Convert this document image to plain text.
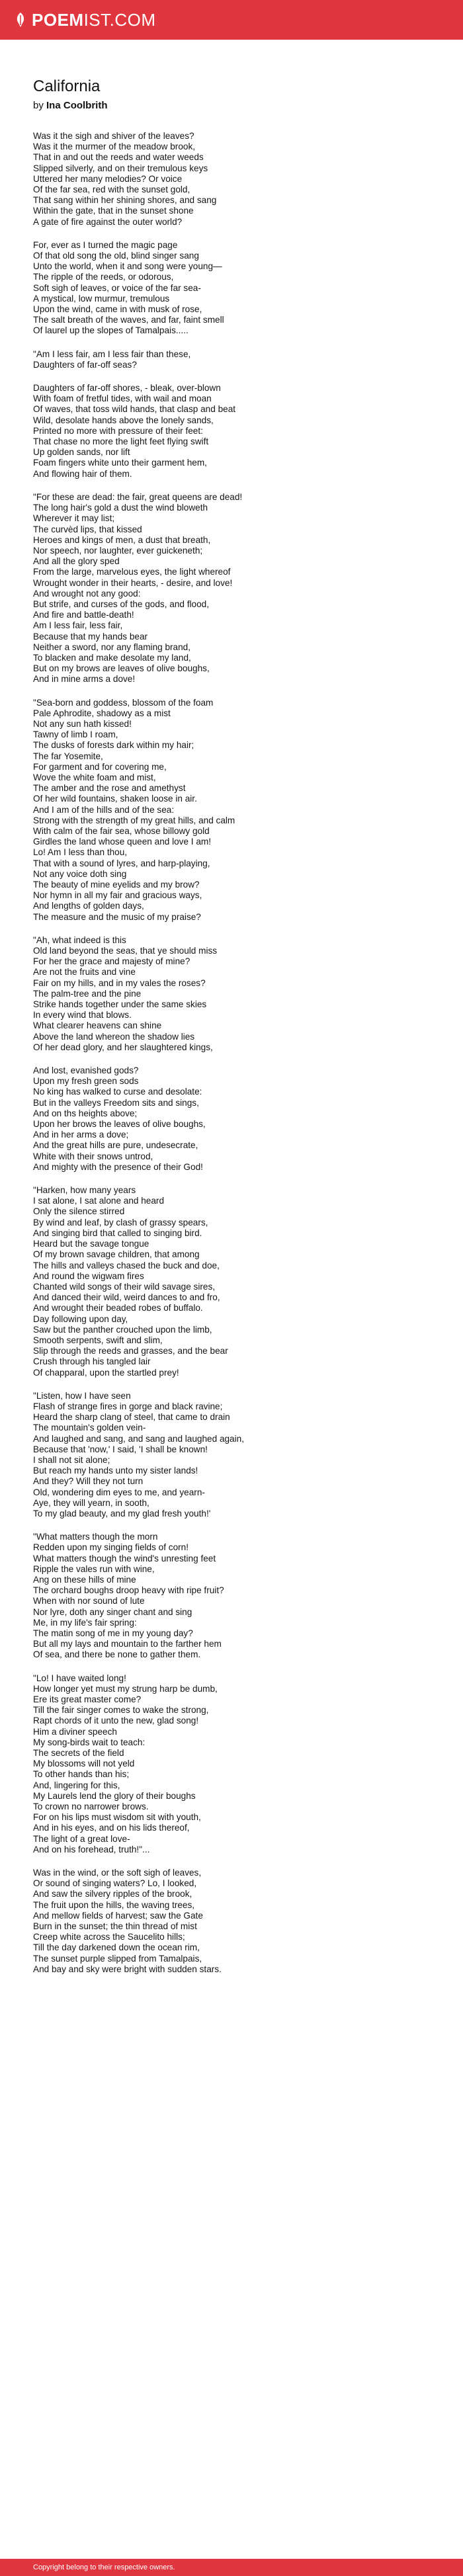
POEMIST.COM
California
by Ina Coolbrith
Was it the sigh and shiver of the leaves?
Was it the murmer of the meadow brook,
That in and out the reeds and water weeds
Slipped silverly, and on their tremulous keys
Uttered her many melodies? Or voice
Of the far sea, red with the sunset gold,
That sang within her shining shores, and sang
Within the gate, that in the sunset shone
A gate of fire against the outer world?
For, ever as I turned the magic page
Of that old song the old, blind singer sang
Unto the world, when it and song were young—
The ripple of the reeds, or odorous,
Soft sigh of leaves, or voice of the far sea-
A mystical, low murmur, tremulous
Upon the wind, came in with musk of rose,
The salt breath of the waves, and far, faint smell
Of laurel up the slopes of Tamalpais.....
"Am I less fair, am I less fair than these,
Daughters of far-off seas?
Daughters of far-off shores, - bleak, over-blown
With foam of fretful tides, with wail and moan
Of waves, that toss wild hands, that clasp and beat
Wild, desolate hands above the lonely sands,
Printed no more with pressure of their feet:
That chase no more the light feet flying swift
Up golden sands, nor lift
Foam fingers white unto their garment hem,
And flowing hair of them.
"For these are dead: the fair, great queens are dead!
The long hair's gold a dust the wind bloweth
Wherever it may list;
The curvèd lips, that kissed
Heroes and kings of men, a dust that breath,
Nor speech, nor laughter, ever guickeneth;
And all the glory sped
From the large, marvelous eyes, the light whereof
Wrought wonder in their hearts, - desire, and love!
And wrought not any good:
But strife, and curses of the gods, and flood,
And fire and battle-death!
Am I less fair, less fair,
Because that my hands bear
Neither a sword, nor any flaming brand,
To blacken and make desolate my land,
But on my brows are leaves of olive boughs,
And in mine arms a dove!
"Sea-born and goddess, blossom of the foam
Pale Aphrodite, shadowy as a mist
Not any sun hath kissed!
Tawny of limb I roam,
The dusks of forests dark within my hair;
The far Yosemite,
For garment and for covering me,
Wove the white foam and mist,
The amber and the rose and amethyst
Of her wild fountains, shaken loose in air.
And I am of the hills and of the sea:
Strong with the strength of my great hills, and calm
With calm of the fair sea, whose billowy gold
Girdles the land whose queen and love I am!
Lo! Am I less than thou,
That with a sound of lyres, and harp-playing,
Not any voice doth sing
The beauty of mine eyelids and my brow?
Nor hymn in all my fair and gracious ways,
And lengths of golden days,
The measure and the music of my praise?
"Ah, what indeed is this
Old land beyond the seas, that ye should miss
For her the grace and majesty of mine?
Are not the fruits and vine
Fair on my hills, and in my vales the roses?
The palm-tree and the pine
Strike hands together under the same skies
In every wind that blows.
What clearer heavens can shine
Above the land whereon the shadow lies
Of her dead glory, and her slaughtered kings,
And lost, evanished gods?
Upon my fresh green sods
No king has walked to curse and desolate:
But in the valleys Freedom sits and sings,
And on ths heights above;
Upon her brows the leaves of olive boughs,
And in her arms a dove;
And the great hills are pure, undesecrate,
White with their snows untrod,
And mighty with the presence of their God!
"Harken, how many years
I sat alone, I sat alone and heard
Only the silence stirred
By wind and leaf, by clash of grassy spears,
And singing bird that called to singing bird.
Heard but the savage tongue
Of my brown savage children, that among
The hills and valleys chased the buck and doe,
And round the wigwam fires
Chanted wild songs of their wild savage sires,
And danced their wild, weird dances to and fro,
And wrought their beaded robes of buffalo.
Day following upon day,
Saw but the panther crouched upon the limb,
Smooth serpents, swift and slim,
Slip through the reeds and grasses, and the bear
Crush through his tangled lair
Of chapparal, upon the startled prey!
"Listen, how I have seen
Flash of strange fires in gorge and black ravine;
Heard the sharp clang of steel, that came to drain
The mountain's golden vein-
And laughed and sang, and sang and laughed again,
Because that 'now,' I said, 'I shall be known!
I shall not sit alone;
But reach my hands unto my sister lands!
And they? Will they not turn
Old, wondering dim eyes to me, and yearn-
Aye, they will yearn, in sooth,
To my glad beauty, and my glad fresh youth!'
"What matters though the morn
Redden upon my singing fields of corn!
What matters though the wind's unresting feet
Ripple the vales run with wine,
Ang on these hills of mine
The orchard boughs droop heavy with ripe fruit?
When with nor sound of lute
Nor lyre, doth any singer chant and sing
Me, in my life's fair spring:
The matin song of me in my young day?
But all my lays and mountain to the farther hem
Of sea, and there be none to gather them.
"Lo! I have waited long!
How longer yet must my strung harp be dumb,
Ere its great master come?
Till the fair singer comes to wake the strong,
Rapt chords of it unto the new, glad song!
Him a diviner speech
My song-birds wait to teach:
The secrets of the field
My blossoms will not yeld
To other hands than his;
And, lingering for this,
My Laurels lend the glory of their boughs
To crown no narrower brows.
For on his lips must wisdom sit with youth,
And in his eyes, and on his lids thereof,
The light of a great love-
And on his forehead, truth!"...
Was in the wind, or the soft sigh of leaves,
Or sound of singing waters? Lo, I looked,
And saw the silvery ripples of the brook,
The fruit upon the hills, the waving trees,
And mellow fields of harvest; saw the Gate
Burn in the sunset; the thin thread of mist
Creep white across the Saucelito hills;
Till the day darkened down the ocean rim,
The sunset purple slipped from Tamalpais,
And bay and sky were bright with sudden stars.
Copyright belong to their respective owners.
